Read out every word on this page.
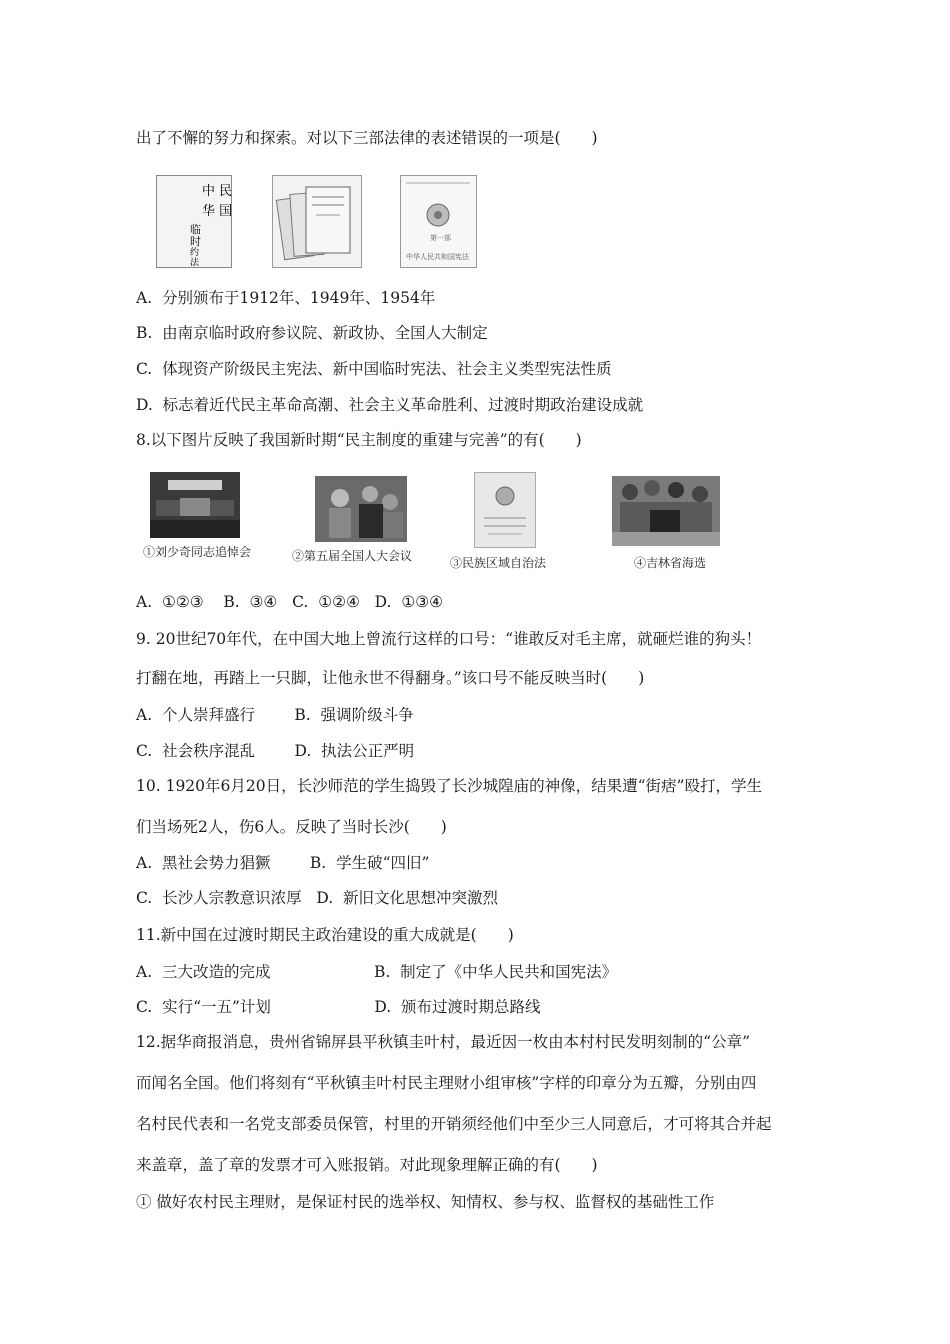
出了不懈的努力和探索。对以下三部法律的表述错误的一项是(　　)
中 民
华 国
临
时
约
法
第一部
中华人民共和国宪法
A.  分别颁布于1912年、1949年、1954年
B.  由南京临时政府参议院、新政协、全国人大制定
C.  体现资产阶级民主宪法、新中国临时宪法、社会主义类型宪法性质
D.  标志着近代民主革命高潮、社会主义革命胜利、过渡时期政治建设成就
8.以下图片反映了我国新时期“民主制度的重建与完善”的有(　　)
①刘少奇同志追悼会	②第五届全国人大会议	③民族区域自治法	④吉林省海选
A.  ①②③    B.  ③④   C.  ①②④   D.  ①③④
9. 20世纪70年代，在中国大地上曾流行这样的口号：“谁敢反对毛主席，就砸烂谁的狗头！
打翻在地，再踏上一只脚，让他永世不得翻身。”该口号不能反映当时(　　)
A.  个人崇拜盛行        B.  强调阶级斗争
C.  社会秩序混乱        D.  执法公正严明
10. 1920年6月20日，长沙师范的学生捣毁了长沙城隍庙的神像，结果遭“街痞”殴打，学生
们当场死2人，伤6人。反映了当时长沙(　　)
A.  黑社会势力猖獗        B.  学生破“四旧”
C.  长沙人宗教意识浓厚   D.  新旧文化思想冲突激烈
11.新中国在过渡时期民主政治建设的重大成就是(　　)
A.  三大改造的完成                     B.  制定了《中华人民共和国宪法》
C.  实行“一五”计划                     D.  颁布过渡时期总路线
12.据华商报消息，贵州省锦屏县平秋镇圭叶村，最近因一枚由本村村民发明刻制的“公章”
而闻名全国。他们将刻有“平秋镇圭叶村民主理财小组审核”字样的印章分为五瓣，分别由四
名村民代表和一名党支部委员保管，村里的开销须经他们中至少三人同意后，才可将其合并起
来盖章，盖了章的发票才可入账报销。对此现象理解正确的有(　　)
① 做好农村民主理财，是保证村民的选举权、知情权、参与权、监督权的基础性工作
